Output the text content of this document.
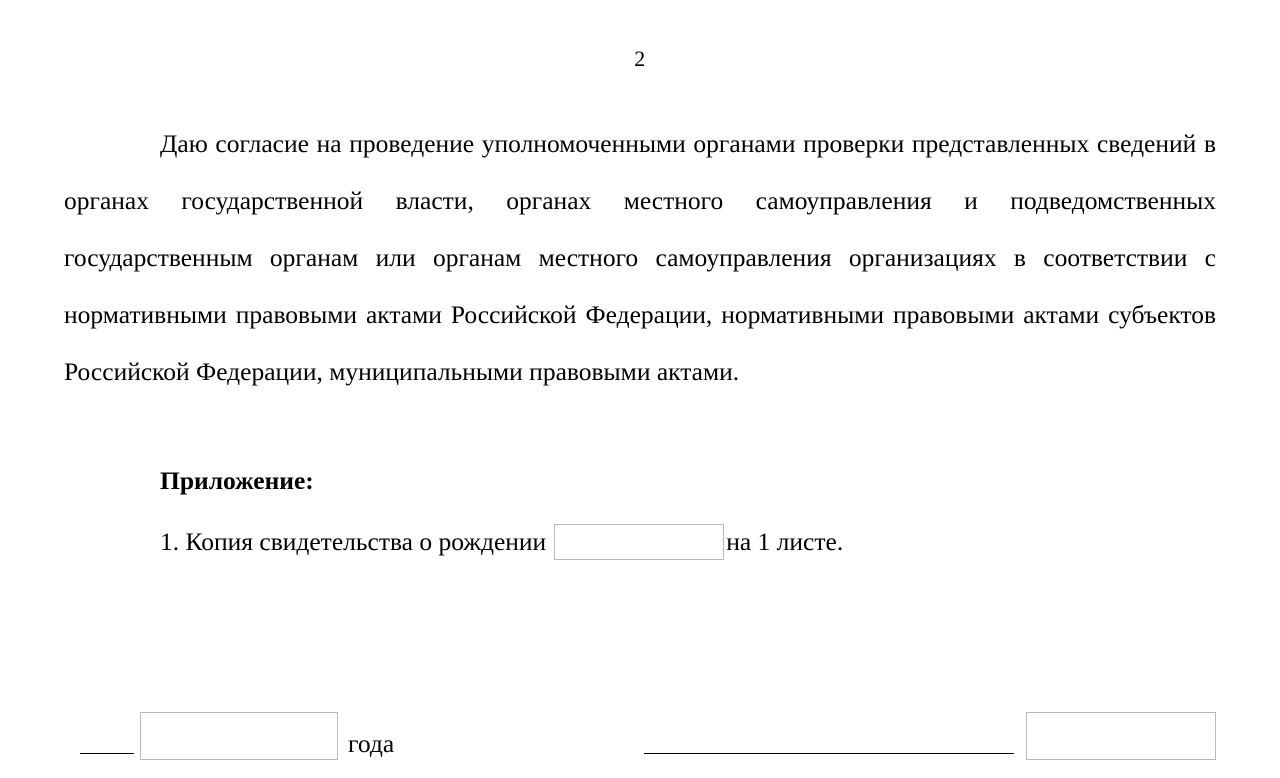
2

Даю согласие на проведение уполномоченными органами проверки представленных сведений в органах государственной власти, органах местного самоуправления и подведомственных государственным органам или органам местного самоуправления организациях в соответствии с нормативными правовыми актами Российской Федерации, нормативными правовыми актами субъектов Российской Федерации, муниципальными правовыми актами.

Приложение:
1. Копия свидетельства о рождении	на 1 листе.
года
